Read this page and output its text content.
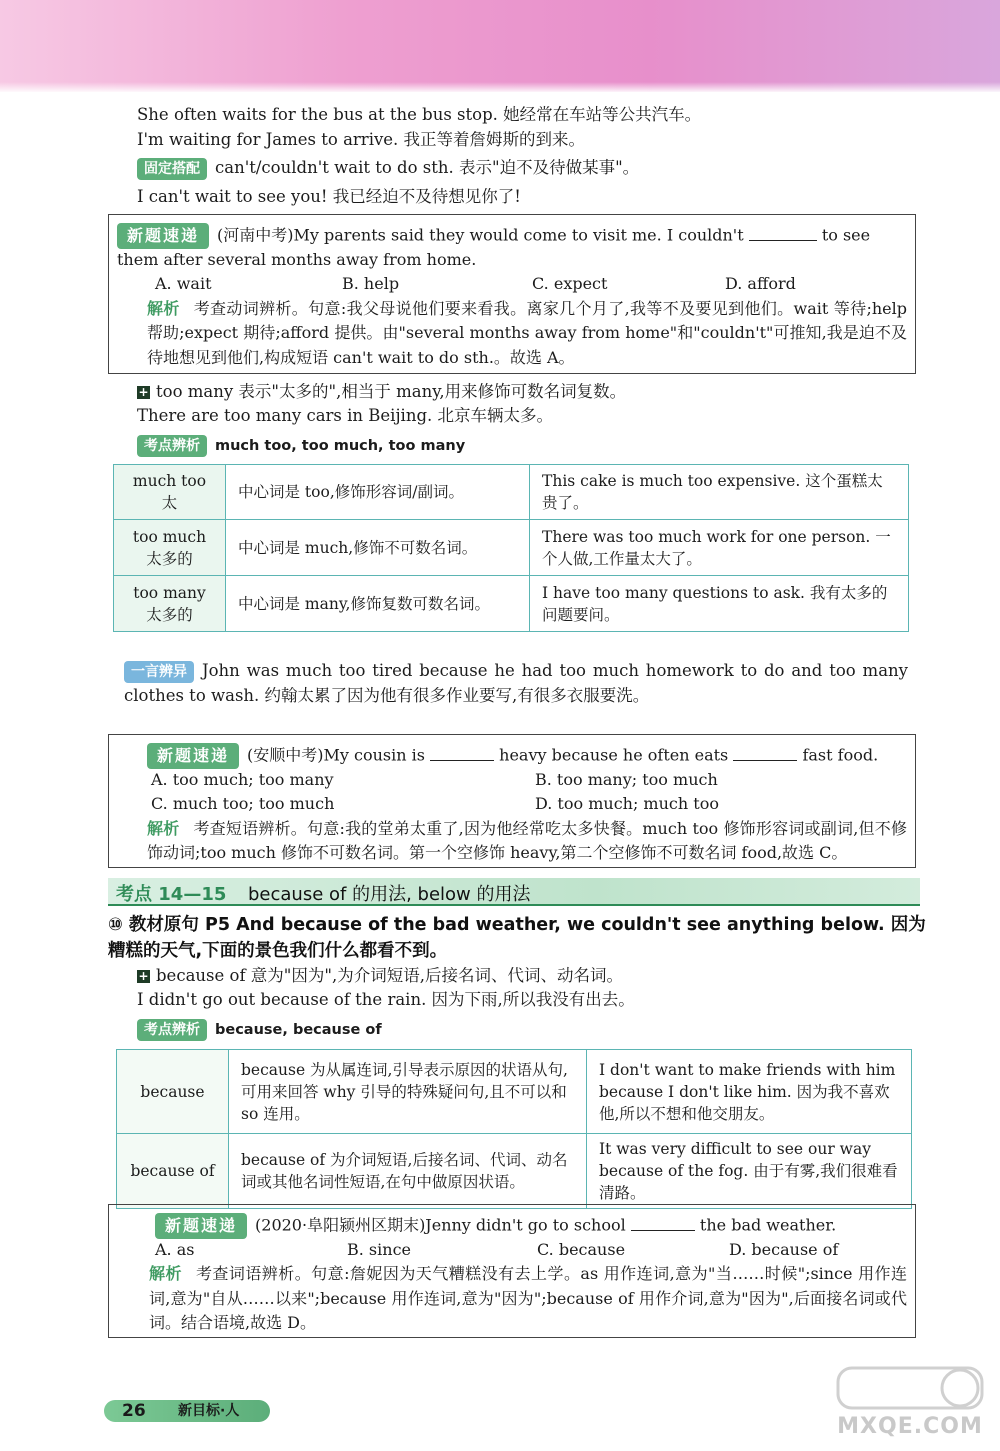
She often waits for the bus at the bus stop. 她经常在车站等公共汽车。
I'm waiting for James to arrive. 我正等着詹姆斯的到来。
固定搭配 can't/couldn't wait to do sth. 表示"迫不及待做某事"。
I can't wait to see you! 我已经迫不及待想见你了!
新题速递 (河南中考)My parents said they would come to visit me. I couldn't	to see
them after several months away from home.
A. wait	B. help	C. expect	D. afford
解析 考查动词辨析。句意:我父母说他们要来看我。离家几个月了,我等不及要见到他们。wait 等待;help 帮助;expect 期待;afford 提供。由"several months away from home"和"couldn't"可推知,我是迫不及待地想见到他们,构成短语 can't wait to do sth.。故选 A。
+ too many 表示"太多的",相当于 many,用来修饰可数名词复数。
There are too many cars in Beijing. 北京车辆太多。
考点辨析 much too, too much, too many
much too
太	中心词是 too,修饰形容词/副词。	This cake is much too expensive. 这个蛋糕太贵了。
too much
太多的	中心词是 much,修饰不可数名词。	There was too much work for one person. 一个人做,工作量太大了。
too many
太多的	中心词是 many,修饰复数可数名词。	I have too many questions to ask. 我有太多的问题要问。
一言辨异 John was much too tired because he had too much homework to do and too many clothes to wash. 约翰太累了因为他有很多作业要写,有很多衣服要洗。
新题速递 (安顺中考)My cousin is	heavy because he often eats	fast food.
A. too much; too many	B. too many; too much
C. much too; too much	D. too much; much too
解析 考查短语辨析。句意:我的堂弟太重了,因为他经常吃太多快餐。much too 修饰形容词或副词,但不修饰动词;too much 修饰不可数名词。第一个空修饰 heavy,第二个空修饰不可数名词 food,故选 C。
考点 14—15 because of 的用法, below 的用法
⑩ 教材原句 P5 And because of the bad weather, we couldn't see anything below. 因为糟糕的天气,下面的景色我们什么都看不到。
+ because of 意为"因为",为介词短语,后接名词、代词、动名词。
I didn't go out because of the rain. 因为下雨,所以我没有出去。
考点辨析 because, because of
because	because 为从属连词,引导表示原因的状语从句,可用来回答 why 引导的特殊疑问句,且不可以和 so 连用。	I don't want to make friends with him because I don't like him. 因为我不喜欢他,所以不想和他交朋友。
because of	because of 为介词短语,后接名词、代词、动名词或其他名词性短语,在句中做原因状语。	It was very difficult to see our way because of the fog. 由于有雾,我们很难看清路。
新题速递 (2020·阜阳颍州区期末)Jenny didn't go to school	the bad weather.
A. as	B. since	C. because	D. because of
解析 考查词语辨析。句意:詹妮因为天气糟糕没有去上学。as 用作连词,意为"当……时候";since 用作连词,意为"自从……以来";because 用作连词,意为"因为";because of 用作介词,意为"因为",后面接名词或代词。结合语境,故选 D。
26 新目标·人
MXQE.COM
